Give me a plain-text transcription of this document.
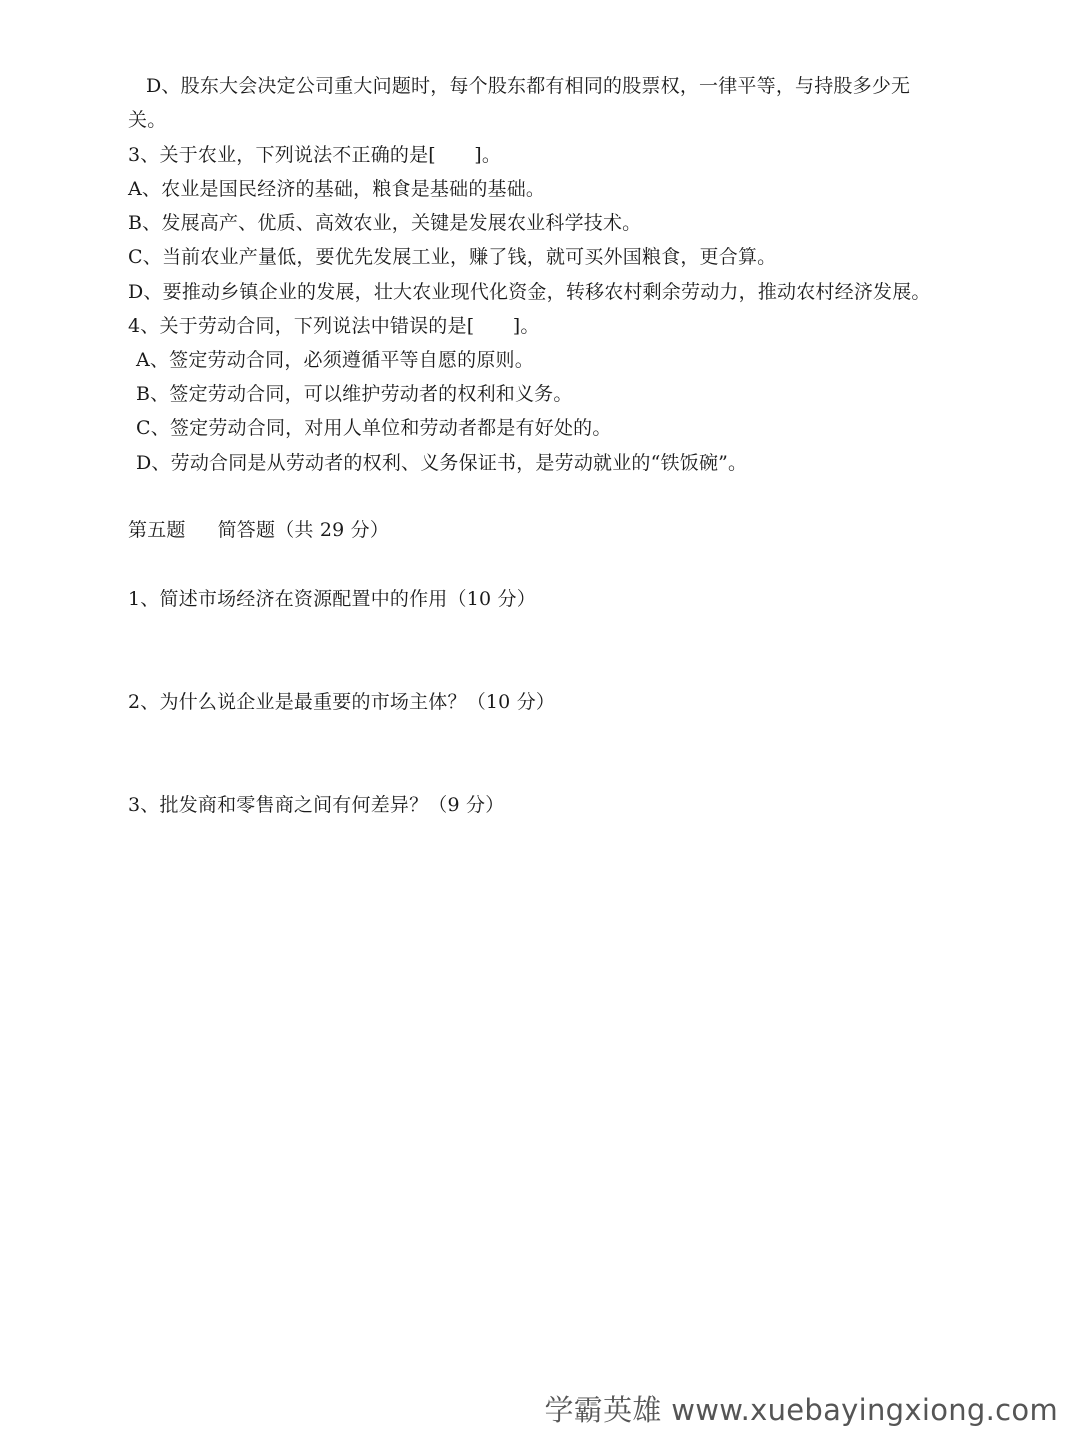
D、股东大会决定公司重大问题时，每个股东都有相同的股票权，一律平等，与持股多少无
关。
3、关于农业，下列说法不正确的是[　　]。
A、农业是国民经济的基础，粮食是基础的基础。
B、发展高产、优质、高效农业，关键是发展农业科学技术。
C、当前农业产量低，要优先发展工业，赚了钱，就可买外国粮食，更合算。
D、要推动乡镇企业的发展，壮大农业现代化资金，转移农村剩余劳动力，推动农村经济发展。
4、关于劳动合同，下列说法中错误的是[　　]。
A、签定劳动合同，必须遵循平等自愿的原则。
B、签定劳动合同，可以维护劳动者的权利和义务。
C、签定劳动合同，对用人单位和劳动者都是有好处的。
D、劳动合同是从劳动者的权利、义务保证书，是劳动就业的“铁饭碗”。
第五题 简答题（共 29 分）
1、简述市场经济在资源配置中的作用（10 分）
2、为什么说企业是最重要的市场主体？（10 分）
3、批发商和零售商之间有何差异？（9 分）
学霸英雄 www.xuebayingxiong.com
